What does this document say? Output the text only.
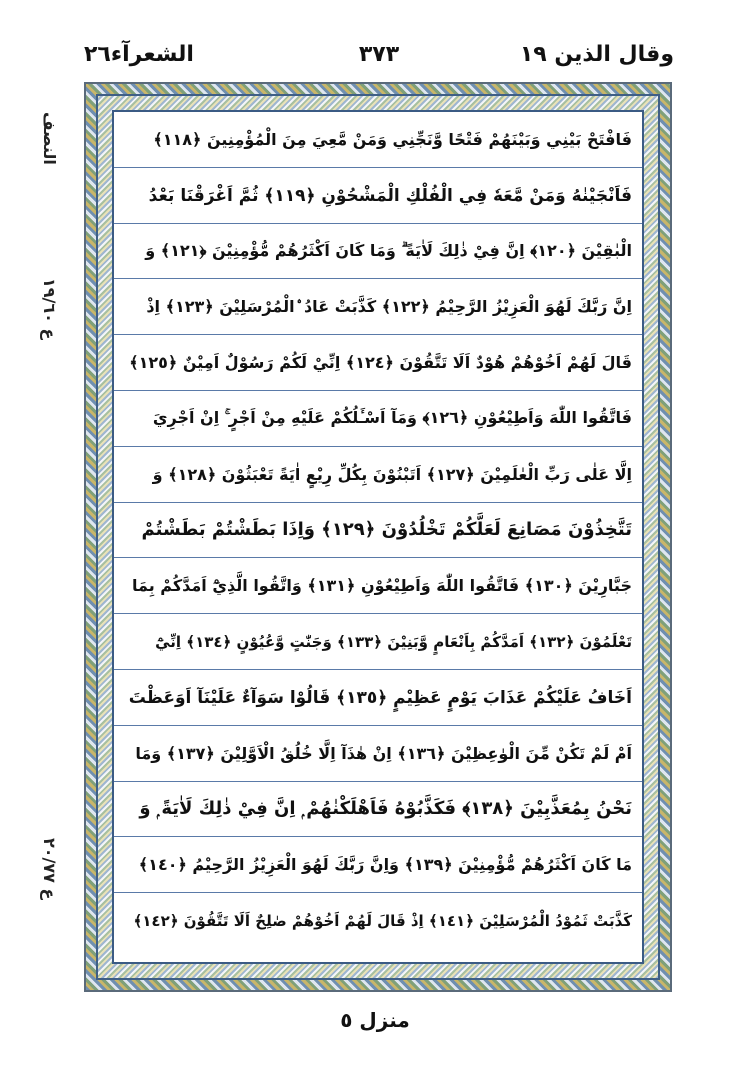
وقال الذین ١٩
٣٧٣
الشعرآء٢٦
النصف
ع ١٩/٦٠
ع ٢٠/٧٧
فَافْتَحْ بَيْنِي وَبَيْنَهُمْ فَتْحًا وَّنَجِّنِي وَمَنْ مَّعِيَ مِنَ الْمُؤْمِنِينَ ﴿١١٨﴾
فَاَنْجَيْنٰهُ وَمَنْ مَّعَهٗ فِي الْفُلْكِ الْمَشْحُوْنِ ﴿١١٩﴾ ثُمَّ اَغْرَقْنَا بَعْدُ
الْبٰقِيْنَ ﴿١٢٠﴾ اِنَّ فِيْ ذٰلِكَ لَاٰيَةً ۗ وَمَا كَانَ اَكْثَرُهُمْ مُّؤْمِنِيْنَ ﴿١٢١﴾ وَ
اِنَّ رَبَّكَ لَهُوَ الْعَزِيْزُ الرَّحِيْمُ ﴿١٢٢﴾ كَذَّبَتْ عَادُ ۨالْمُرْسَلِيْنَ ﴿١٢٣﴾ اِذْ
قَالَ لَهُمْ اَخُوْهُمْ هُوْدٌ اَلَا تَتَّقُوْنَ ﴿١٢٤﴾ اِنِّيْ لَكُمْ رَسُوْلٌ اَمِيْنٌ ﴿١٢٥﴾
فَاتَّقُوا اللّٰهَ وَاَطِيْعُوْنِ ﴿١٢٦﴾ وَمَآ اَسْـَٔلُكُمْ عَلَيْهِ مِنْ اَجْرٍ ۚ اِنْ اَجْرِيَ
اِلَّا عَلٰى رَبِّ الْعٰلَمِيْنَ ﴿١٢٧﴾ اَتَبْنُوْنَ بِكُلِّ رِيْعٍ اٰيَةً تَعْبَثُوْنَ ﴿١٢٨﴾ وَ
تَتَّخِذُوْنَ مَصَانِعَ لَعَلَّكُمْ تَخْلُدُوْنَ ﴿١٢٩﴾ وَاِذَا بَطَشْتُمْ بَطَشْتُمْ
جَبَّارِيْنَ ﴿١٣٠﴾ فَاتَّقُوا اللّٰهَ وَاَطِيْعُوْنِ ﴿١٣١﴾ وَاتَّقُوا الَّذِيْٓ اَمَدَّكُمْ بِمَا
تَعْلَمُوْنَ ﴿١٣٢﴾ اَمَدَّكُمْ بِاَنْعَامٍ وَّبَنِيْنَ ﴿١٣٣﴾ وَجَنّٰتٍ وَّعُيُوْنٍ ﴿١٣٤﴾ اِنِّيْٓ
اَخَافُ عَلَيْكُمْ عَذَابَ يَوْمٍ عَظِيْمٍ ﴿١٣٥﴾ قَالُوْا سَوَآءٌ عَلَيْنَآ اَوَعَظْتَ
اَمْ لَمْ تَكُنْ مِّنَ الْوٰعِظِيْنَ ﴿١٣٦﴾ اِنْ هٰذَآ اِلَّا خُلُقُ الْاَوَّلِيْنَ ﴿١٣٧﴾ وَمَا
نَحْنُ بِمُعَذَّبِيْنَ ﴿١٣٨﴾ فَكَذَّبُوْهُ فَاَهْلَكْنٰهُمْ ۭ اِنَّ فِيْ ذٰلِكَ لَاٰيَةً ۭ وَ
مَا كَانَ اَكْثَرُهُمْ مُّؤْمِنِيْنَ ﴿١٣٩﴾ وَاِنَّ رَبَّكَ لَهُوَ الْعَزِيْزُ الرَّحِيْمُ ﴿١٤٠﴾
كَذَّبَتْ ثَمُوْدُ الْمُرْسَلِيْنَ ﴿١٤١﴾ اِذْ قَالَ لَهُمْ اَخُوْهُمْ صٰلِحٌ اَلَا تَتَّقُوْنَ ﴿١٤٢﴾
منزل ٥
